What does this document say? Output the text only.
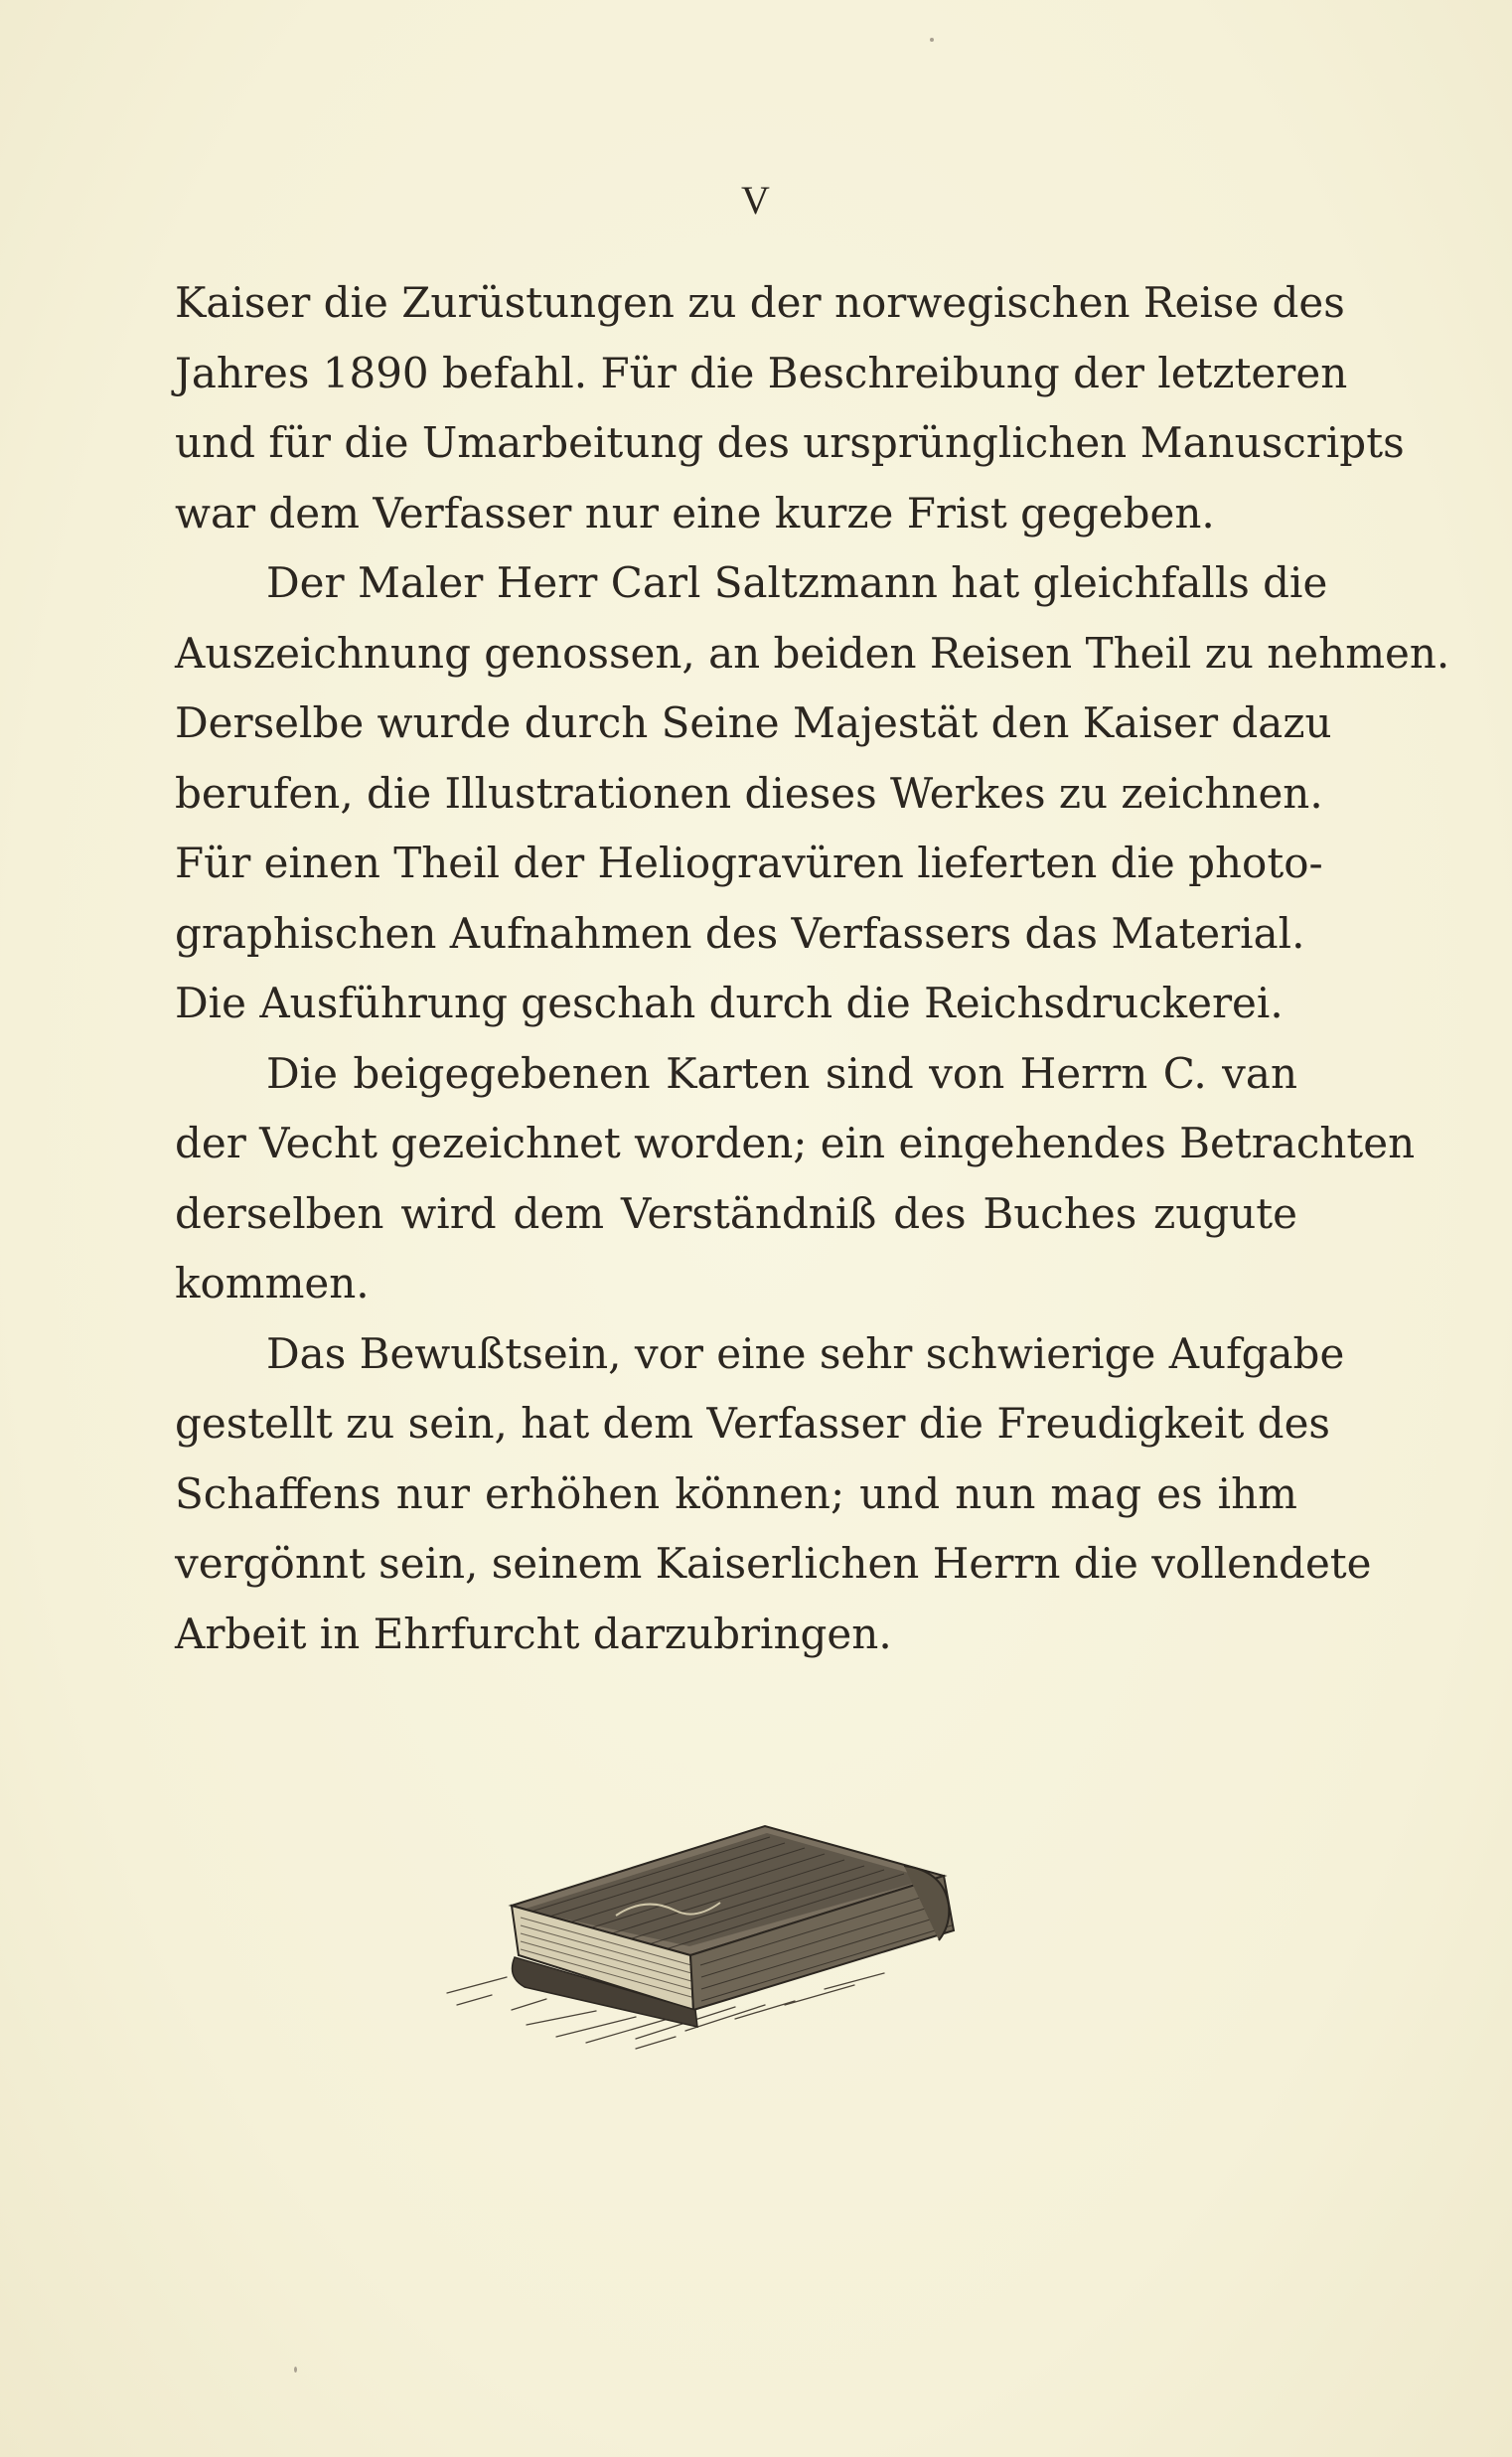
V
Kaiser die Zurüstungen zu der norwegischen Reise des
Jahres 1890 befahl. Für die Beschreibung der letzteren
und für die Umarbeitung des ursprünglichen Manuscripts
war dem Verfasser nur eine kurze Frist gegeben.
Der Maler Herr Carl Saltzmann hat gleichfalls die
Auszeichnung genossen, an beiden Reisen Theil zu nehmen.
Derselbe wurde durch Seine Majestät den Kaiser dazu
berufen, die Illustrationen dieses Werkes zu zeichnen.
Für einen Theil der Heliogravüren lieferten die photo-
graphischen Aufnahmen des Verfassers das Material.
Die Ausführung geschah durch die Reichsdruckerei.
Die beigegebenen Karten sind von Herrn C. van
der Vecht gezeichnet worden; ein eingehendes Betrachten
derselben wird dem Verständniß des Buches zugute
kommen.
Das Bewußtsein, vor eine sehr schwierige Aufgabe
gestellt zu sein, hat dem Verfasser die Freudigkeit des
Schaffens nur erhöhen können; und nun mag es ihm
vergönnt sein, seinem Kaiserlichen Herrn die vollendete
Arbeit in Ehrfurcht darzubringen.
